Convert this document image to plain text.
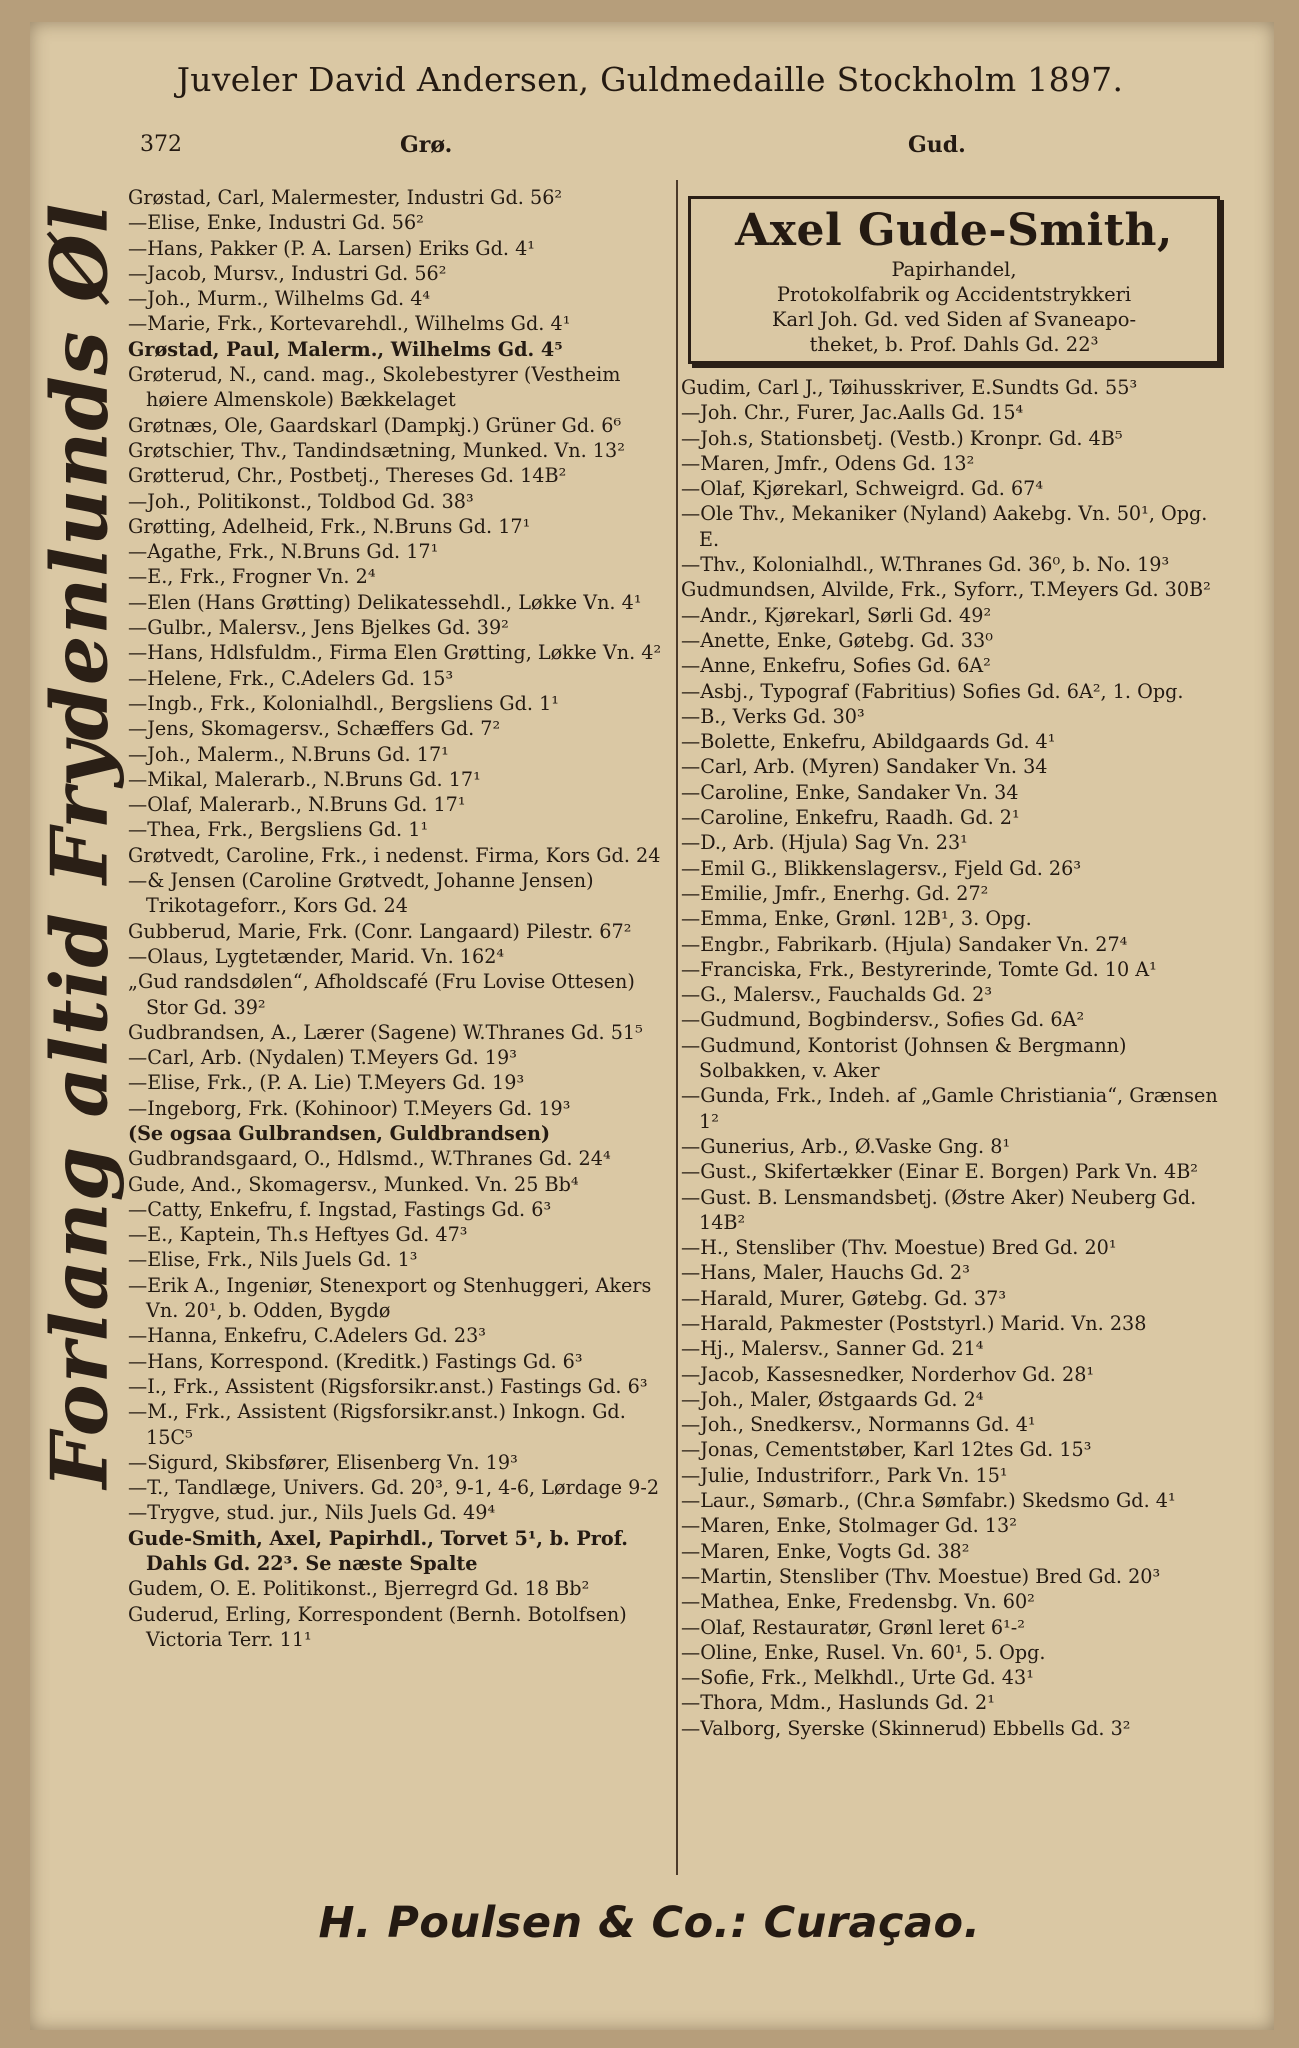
Juveler David Andersen, Guldmedaille Stockholm 1897.
372	Grø.	Gud.
Forlang altid Frydenlunds Øl
Grøstad, Carl, Malermester, Industri Gd. 56²
—Elise, Enke, Industri Gd. 56²
—Hans, Pakker (P. A. Larsen) Eriks Gd. 4¹
—Jacob, Mursv., Industri Gd. 56²
—Joh., Murm., Wilhelms Gd. 4⁴
—Marie, Frk., Kortevarehdl., Wilhelms Gd. 4¹
Grøstad, Paul, Malerm., Wilhelms Gd. 4⁵
Grøterud, N., cand. mag., Skolebestyrer (Vestheim høiere Almenskole) Bækkelaget
Grøtnæs, Ole, Gaardskarl (Dampkj.) Grüner Gd. 6⁶
Grøtschier, Thv., Tandindsætning, Munked. Vn. 13²
Grøtterud, Chr., Postbetj., Thereses Gd. 14B²
—Joh., Politikonst., Toldbod Gd. 38³
Grøtting, Adelheid, Frk., N.Bruns Gd. 17¹
—Agathe, Frk., N.Bruns Gd. 17¹
—E., Frk., Frogner Vn. 2⁴
—Elen (Hans Grøtting) Delikatessehdl., Løkke Vn. 4¹
—Gulbr., Malersv., Jens Bjelkes Gd. 39²
—Hans, Hdlsfuldm., Firma Elen Grøtting, Løkke Vn. 4²
—Helene, Frk., C.Adelers Gd. 15³
—Ingb., Frk., Kolonialhdl., Bergsliens Gd. 1¹
—Jens, Skomagersv., Schæffers Gd. 7²
—Joh., Malerm., N.Bruns Gd. 17¹
—Mikal, Malerarb., N.Bruns Gd. 17¹
—Olaf, Malerarb., N.Bruns Gd. 17¹
—Thea, Frk., Bergsliens Gd. 1¹
Grøtvedt, Caroline, Frk., i nedenst. Firma, Kors Gd. 24
—& Jensen (Caroline Grøtvedt, Johanne Jensen) Trikotageforr., Kors Gd. 24
Gubberud, Marie, Frk. (Conr. Langaard) Pilestr. 67²
—Olaus, Lygtetænder, Marid. Vn. 162⁴
„Gud randsdølen“, Afholdscafé (Fru Lovise Ottesen) Stor Gd. 39²
Gudbrandsen, A., Lærer (Sagene) W.Thranes Gd. 51⁵
—Carl, Arb. (Nydalen) T.Meyers Gd. 19³
—Elise, Frk., (P. A. Lie) T.Meyers Gd. 19³
—Ingeborg, Frk. (Kohinoor) T.Meyers Gd. 19³
(Se ogsaa Gulbrandsen, Guldbrandsen)
Gudbrandsgaard, O., Hdlsmd., W.Thranes Gd. 24⁴
Gude, And., Skomagersv., Munked. Vn. 25 Bb⁴
—Catty, Enkefru, f. Ingstad, Fastings Gd. 6³
—E., Kaptein, Th.s Heftyes Gd. 47³
—Elise, Frk., Nils Juels Gd. 1³
—Erik A., Ingeniør, Stenexport og Stenhuggeri, Akers Vn. 20¹, b. Odden, Bygdø
—Hanna, Enkefru, C.Adelers Gd. 23³
—Hans, Korrespond. (Kreditk.) Fastings Gd. 6³
—I., Frk., Assistent (Rigsforsikr.anst.) Fastings Gd. 6³
—M., Frk., Assistent (Rigsforsikr.anst.) Inkogn. Gd. 15C⁵
—Sigurd, Skibsfører, Elisenberg Vn. 19³
—T., Tandlæge, Univers. Gd. 20³, 9-1, 4-6, Lørdage 9-2
—Trygve, stud. jur., Nils Juels Gd. 49⁴
Gude-Smith, Axel, Papirhdl., Torvet 5¹, b. Prof. Dahls Gd. 22³. Se næste Spalte
Gudem, O. E. Politikonst., Bjerregrd Gd. 18 Bb²
Guderud, Erling, Korrespondent (Bernh. Botolfsen) Victoria Terr. 11¹
Axel Gude-Smith,
Papirhandel,
Protokolfabrik og Accidentstrykkeri
Karl Joh. Gd. ved Siden af Svaneapo-
theket, b. Prof. Dahls Gd. 22³
Gudim, Carl J., Tøihusskriver, E.Sundts Gd. 55³
—Joh. Chr., Furer, Jac.Aalls Gd. 15⁴
—Joh.s, Stationsbetj. (Vestb.) Kronpr. Gd. 4B⁵
—Maren, Jmfr., Odens Gd. 13²
—Olaf, Kjørekarl, Schweigrd. Gd. 67⁴
—Ole Thv., Mekaniker (Nyland) Aakebg. Vn. 50¹, Opg. E.
—Thv., Kolonialhdl., W.Thranes Gd. 36⁰, b. No. 19³
Gudmundsen, Alvilde, Frk., Syforr., T.Meyers Gd. 30B²
—Andr., Kjørekarl, Sørli Gd. 49²
—Anette, Enke, Gøtebg. Gd. 33⁰
—Anne, Enkefru, Sofies Gd. 6A²
—Asbj., Typograf (Fabritius) Sofies Gd. 6A², 1. Opg.
—B., Verks Gd. 30³
—Bolette, Enkefru, Abildgaards Gd. 4¹
—Carl, Arb. (Myren) Sandaker Vn. 34
—Caroline, Enke, Sandaker Vn. 34
—Caroline, Enkefru, Raadh. Gd. 2¹
—D., Arb. (Hjula) Sag Vn. 23¹
—Emil G., Blikkenslagersv., Fjeld Gd. 26³
—Emilie, Jmfr., Enerhg. Gd. 27²
—Emma, Enke, Grønl. 12B¹, 3. Opg.
—Engbr., Fabrikarb. (Hjula) Sandaker Vn. 27⁴
—Franciska, Frk., Bestyrerinde, Tomte Gd. 10 A¹
—G., Malersv., Fauchalds Gd. 2³
—Gudmund, Bogbindersv., Sofies Gd. 6A²
—Gudmund, Kontorist (Johnsen & Bergmann) Solbakken, v. Aker
—Gunda, Frk., Indeh. af „Gamle Christiania“, Grænsen 1²
—Gunerius, Arb., Ø.Vaske Gng. 8¹
—Gust., Skifertækker (Einar E. Borgen) Park Vn. 4B²
—Gust. B. Lensmandsbetj. (Østre Aker) Neuberg Gd. 14B²
—H., Stensliber (Thv. Moestue) Bred Gd. 20¹
—Hans, Maler, Hauchs Gd. 2³
—Harald, Murer, Gøtebg. Gd. 37³
—Harald, Pakmester (Poststyrl.) Marid. Vn. 238
—Hj., Malersv., Sanner Gd. 21⁴
—Jacob, Kassesnedker, Norderhov Gd. 28¹
—Joh., Maler, Østgaards Gd. 2⁴
—Joh., Snedkersv., Normanns Gd. 4¹
—Jonas, Cementstøber, Karl 12tes Gd. 15³
—Julie, Industriforr., Park Vn. 15¹
—Laur., Sømarb., (Chr.a Sømfabr.) Skedsmo Gd. 4¹
—Maren, Enke, Stolmager Gd. 13²
—Maren, Enke, Vogts Gd. 38²
—Martin, Stensliber (Thv. Moestue) Bred Gd. 20³
—Mathea, Enke, Fredensbg. Vn. 60²
—Olaf, Restauratør, Grønl leret 6¹-²
—Oline, Enke, Rusel. Vn. 60¹, 5. Opg.
—Sofie, Frk., Melkhdl., Urte Gd. 43¹
—Thora, Mdm., Haslunds Gd. 2¹
—Valborg, Syerske (Skinnerud) Ebbells Gd. 3²
H. Poulsen & Co.: Curaçao.
